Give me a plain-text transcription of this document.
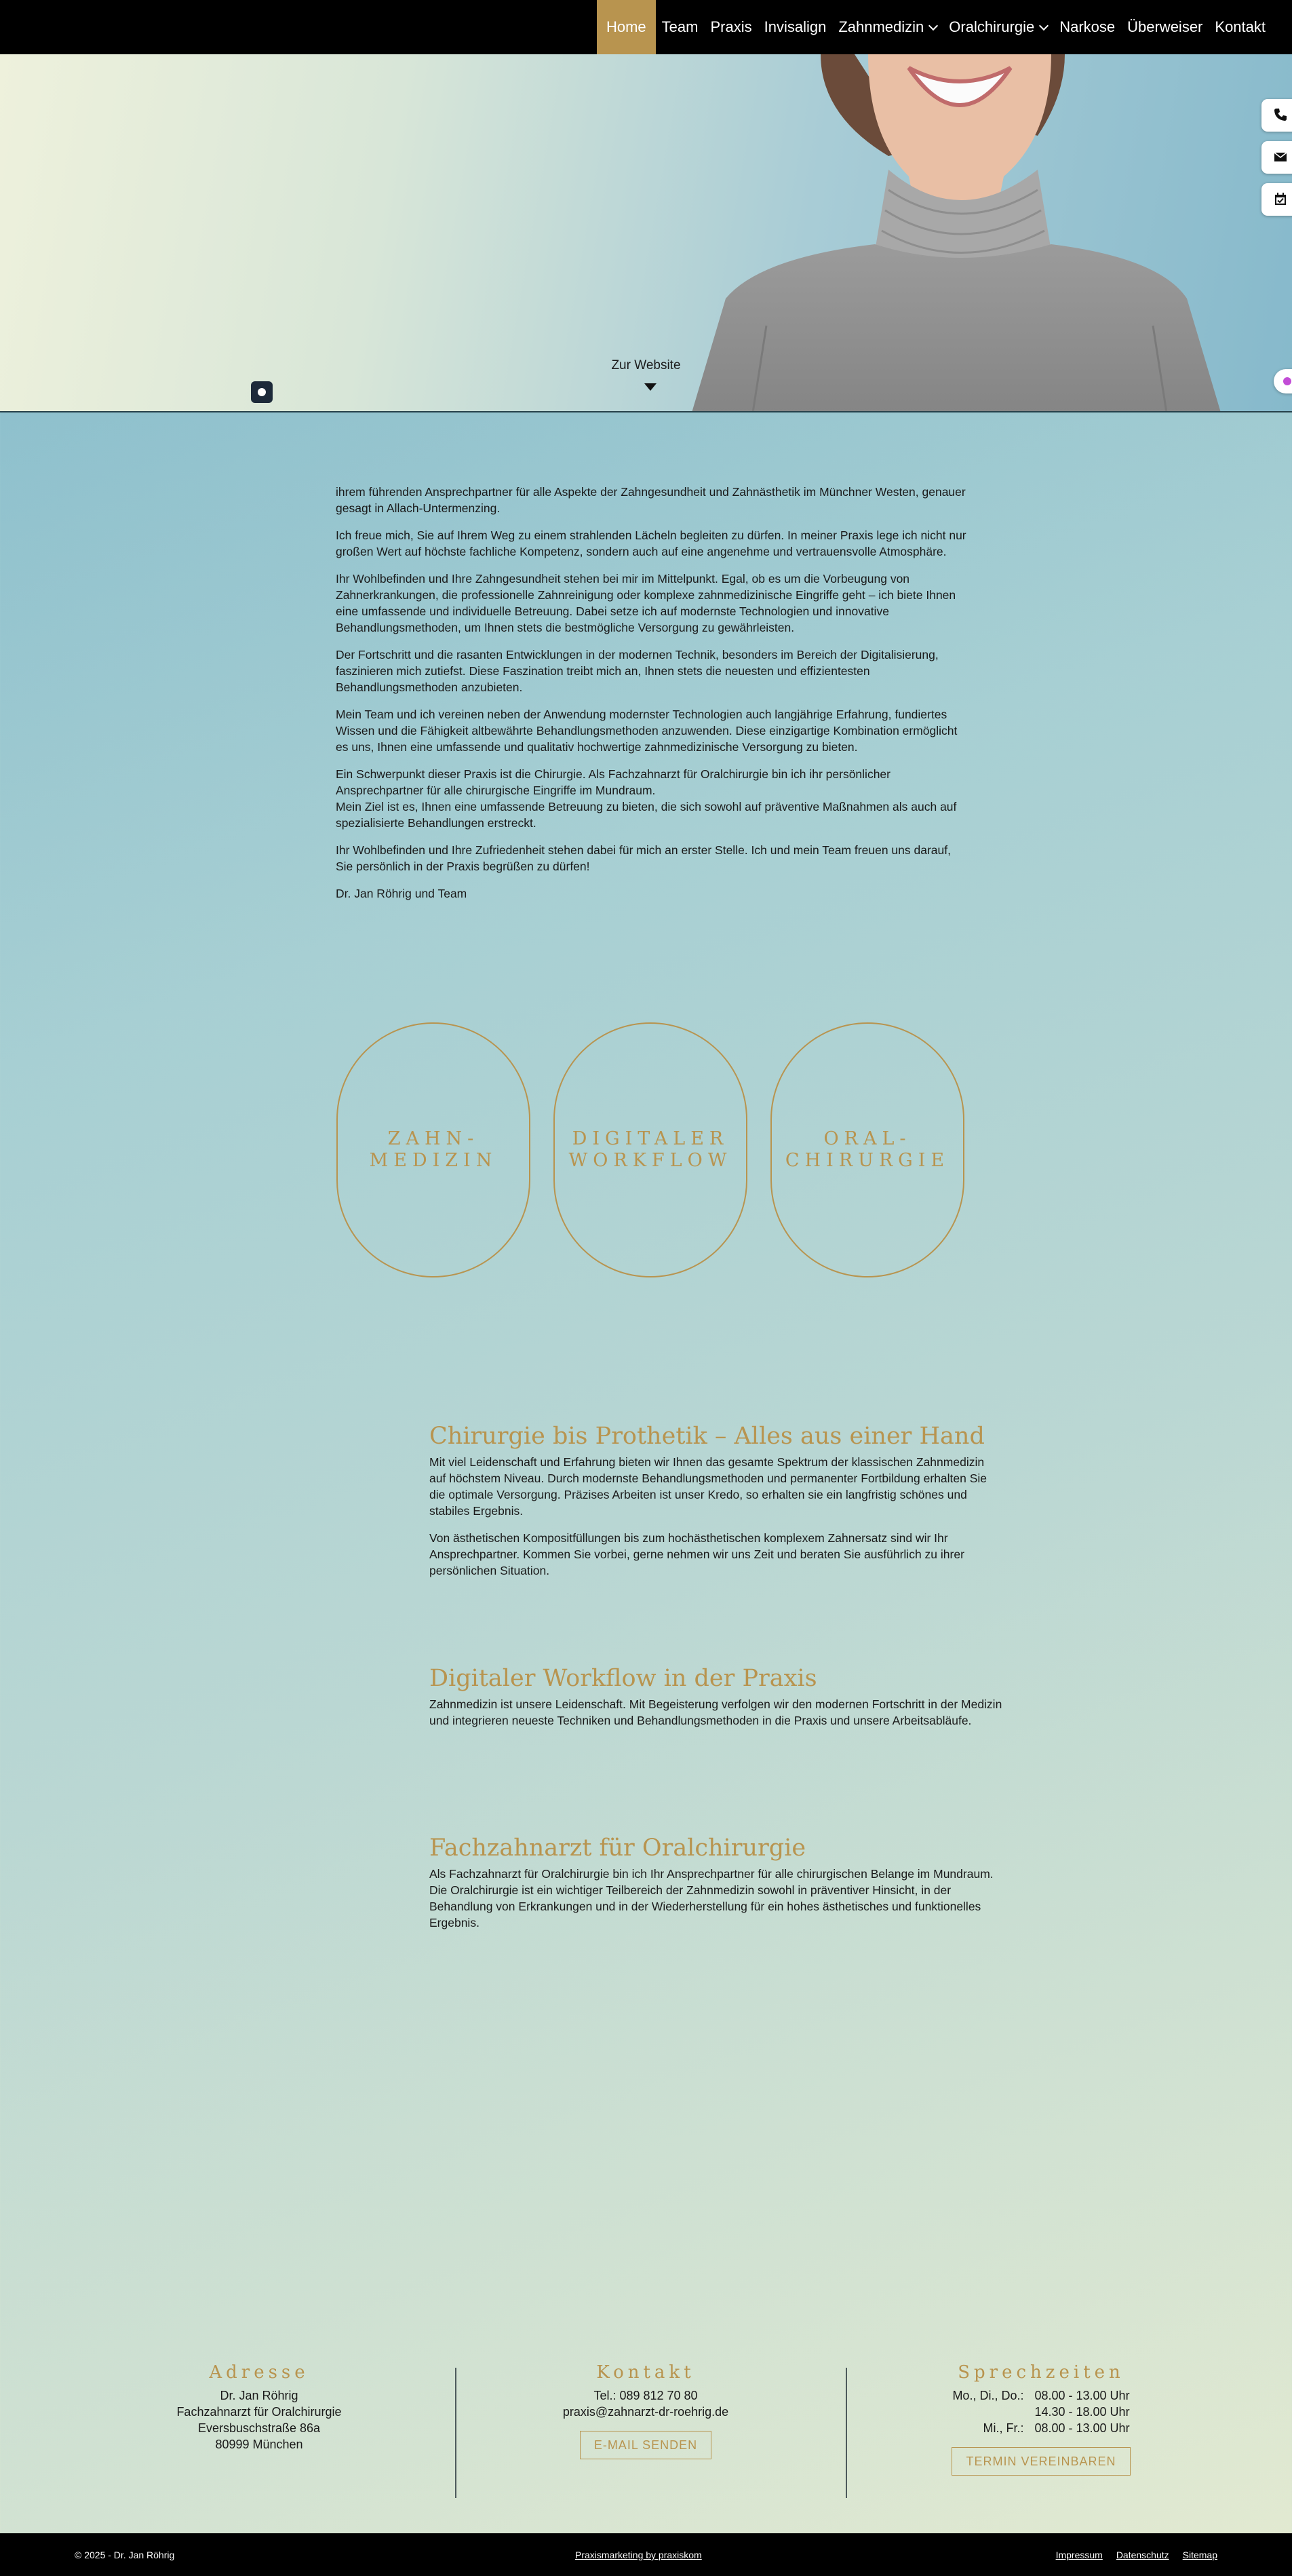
Home Team Praxis Invisalign Zahnmedizin Oralchirurgie Narkose Überweiser Kontakt
Zur Website

ihrem führenden Ansprechpartner für alle Aspekte der Zahngesundheit und Zahnästhetik im Münchner Westen, genauer gesagt in Allach-Untermenzing.

Ich freue mich, Sie auf Ihrem Weg zu einem strahlenden Lächeln begleiten zu dürfen. In meiner Praxis lege ich nicht nur großen Wert auf höchste fachliche Kompetenz, sondern auch auf eine angenehme und vertrauensvolle Atmosphäre.

Ihr Wohlbefinden und Ihre Zahngesundheit stehen bei mir im Mittelpunkt. Egal, ob es um die Vorbeugung von Zahnerkrankungen, die professionelle Zahnreinigung oder komplexe zahnmedizinische Eingriffe geht – ich biete Ihnen eine umfassende und individuelle Betreuung. Dabei setze ich auf modernste Technologien und innovative Behandlungsmethoden, um Ihnen stets die bestmögliche Versorgung zu gewährleisten.

Der Fortschritt und die rasanten Entwicklungen in der modernen Technik, besonders im Bereich der Digitalisierung, faszinieren mich zutiefst. Diese Faszination treibt mich an, Ihnen stets die neuesten und effizientesten Behandlungsmethoden anzubieten.

Mein Team und ich vereinen neben der Anwendung modernster Technologien auch langjährige Erfahrung, fundiertes Wissen und die Fähigkeit altbewährte Behandlungsmethoden anzuwenden. Diese einzigartige Kombination ermöglicht es uns, Ihnen eine umfassende und qualitativ hochwertige zahnmedizinische Versorgung zu bieten.

Ein Schwerpunkt dieser Praxis ist die Chirurgie. Als Fachzahnarzt für Oralchirurgie bin ich ihr persönlicher Ansprechpartner für alle chirurgische Eingriffe im Mundraum.
Mein Ziel ist es, Ihnen eine umfassende Betreuung zu bieten, die sich sowohl auf präventive Maßnahmen als auch auf spezialisierte Behandlungen erstreckt.

Ihr Wohlbefinden und Ihre Zufriedenheit stehen dabei für mich an erster Stelle. Ich und mein Team freuen uns darauf, Sie persönlich in der Praxis begrüßen zu dürfen!

Dr. Jan Röhrig und Team

ZAHN-
MEDIZIN
DIGITALER
WORKFLOW
ORAL-
CHIRURGIE
Chirurgie bis Prothetik – Alles aus einer Hand

Mit viel Leidenschaft und Erfahrung bieten wir Ihnen das gesamte Spektrum der klassischen Zahnmedizin auf höchstem Niveau. Durch modernste Behandlungsmethoden und permanenter Fortbildung erhalten Sie die optimale Versorgung. Präzises Arbeiten ist unser Kredo, so erhalten sie ein langfristig schönes und stabiles Ergebnis.

Von ästhetischen Kompositfüllungen bis zum hochästhetischen komplexem Zahnersatz sind wir Ihr Ansprechpartner. Kommen Sie vorbei, gerne nehmen wir uns Zeit und beraten Sie ausführlich zu ihrer persönlichen Situation.

Digitaler Workflow in der Praxis

Zahnmedizin ist unsere Leidenschaft. Mit Begeisterung verfolgen wir den modernen Fortschritt in der Medizin und integrieren neueste Techniken und Behandlungsmethoden in die Praxis und unsere Arbeitsabläufe.

Fachzahnarzt für Oralchirurgie

Als Fachzahnarzt für Oralchirurgie bin ich Ihr Ansprechpartner für alle chirurgischen Belange im Mundraum. Die Oralchirurgie ist ein wichtiger Teilbereich der Zahnmedizin sowohl in präventiver Hinsicht, in der Behandlung von Erkrankungen und in der Wiederherstellung für ein hohes ästhetisches und funktionelles Ergebnis.

Adresse
Dr. Jan Röhrig
Fachzahnarzt für Oralchirurgie
Eversbuschstraße 86a
80999 München
Kontakt
Tel.: 089 812 70 80
praxis@zahnarzt-dr-roehrig.de
E-MAIL SENDEN
Sprechzeiten
Mo., Di., Do.: 08.00 - 13.00 Uhr
14.30 - 18.00 Uhr
Mi., Fr.: 08.00 - 13.00 Uhr
TERMIN VEREINBAREN
© 2025 - Dr. Jan Röhrig	Praxismarketing by praxiskom	Impressum Datenschutz Sitemap
